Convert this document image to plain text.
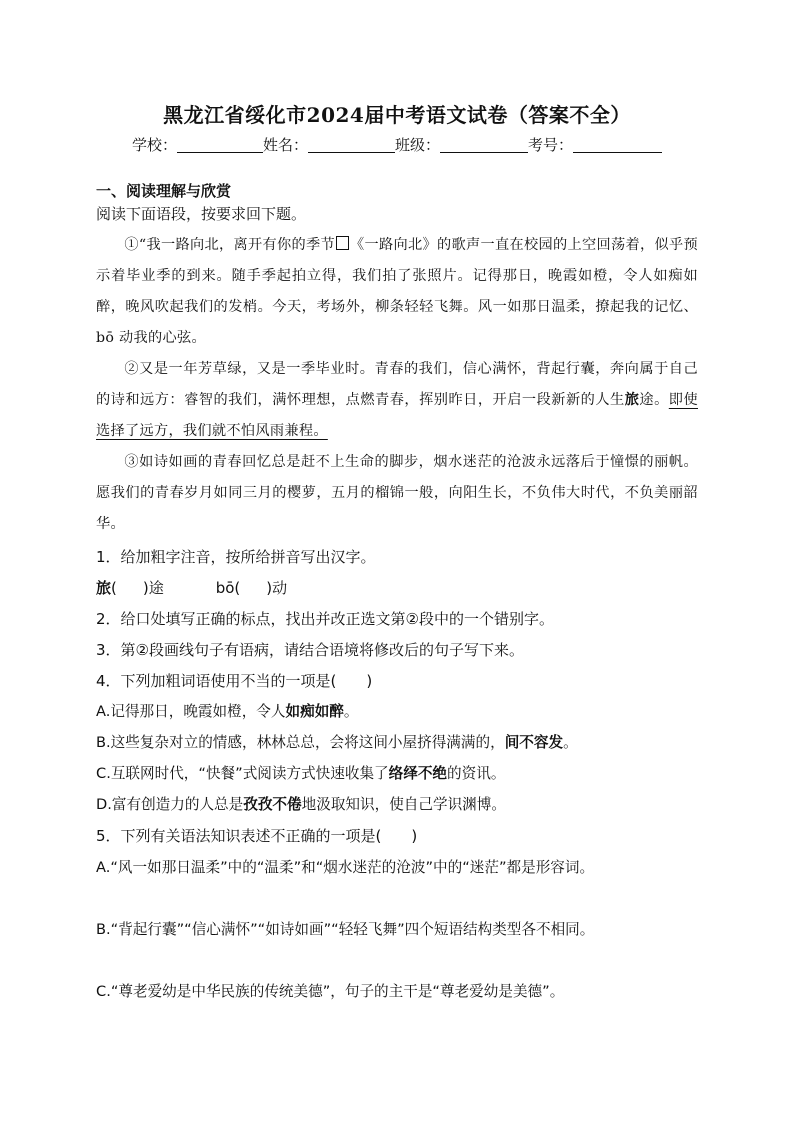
黑龙江省绥化市2024届中考语文试卷（答案不全）
学校：	姓名：	班级：	考号：
一、阅读理解与欣赏
阅读下面语段，按要求回下题。

①“我一路向北，离开有你的季节 《一路向北》的歌声一直在校园的上空回荡着，似乎预示着毕业季的到来。随手季起拍立得，我们拍了张照片。记得那日，晚霞如橙，令人如痴如醉，晚风吹起我们的发梢。今天，考场外，柳条轻轻飞舞。风一如那日温柔，撩起我的记忆、bō 动我的心弦。

②又是一年芳草绿，又是一季毕业时。青春的我们，信心满怀，背起行囊，奔向属于自己的诗和远方：睿智的我们，满怀理想，点燃青春，挥别昨日，开启一段新新的人生旅途。即使选择了远方，我们就不怕风雨兼程。

③如诗如画的青春回忆总是赶不上生命的脚步，烟水迷茫的沧波永远落后于憧憬的丽帆。愿我们的青春岁月如同三月的樱萝，五月的榴锦一般，向阳生长，不负伟大时代，不负美丽韶华。

1．给加粗字注音，按所给拼音写出汉字。
旅( )途	bō( )动
2．给口处填写正确的标点，找出并改正选文第②段中的一个错别字。
3．第②段画线句子有语病，请结合语境将修改后的句子写下来。
4．下列加粗词语使用不当的一项是(　　)
A.记得那日，晚霞如橙，令人如痴如醉。
B.这些复杂对立的情感，林林总总，会将这间小屋挤得满满的，间不容发。
C.互联网时代，“快餐”式阅读方式快速收集了络绎不绝的资讯。
D.富有创造力的人总是孜孜不倦地汲取知识，使自己学识渊博。
5．下列有关语法知识表述不正确的一项是(　　)
A.“风一如那日温柔”中的“温柔”和“烟水迷茫的沧波”中的“迷茫”都是形容词。
B.“背起行囊”“信心满怀”“如诗如画”“轻轻飞舞”四个短语结构类型各不相同。
C.“尊老爱幼是中华民族的传统美德”，句子的主干是“尊老爱幼是美德”。
